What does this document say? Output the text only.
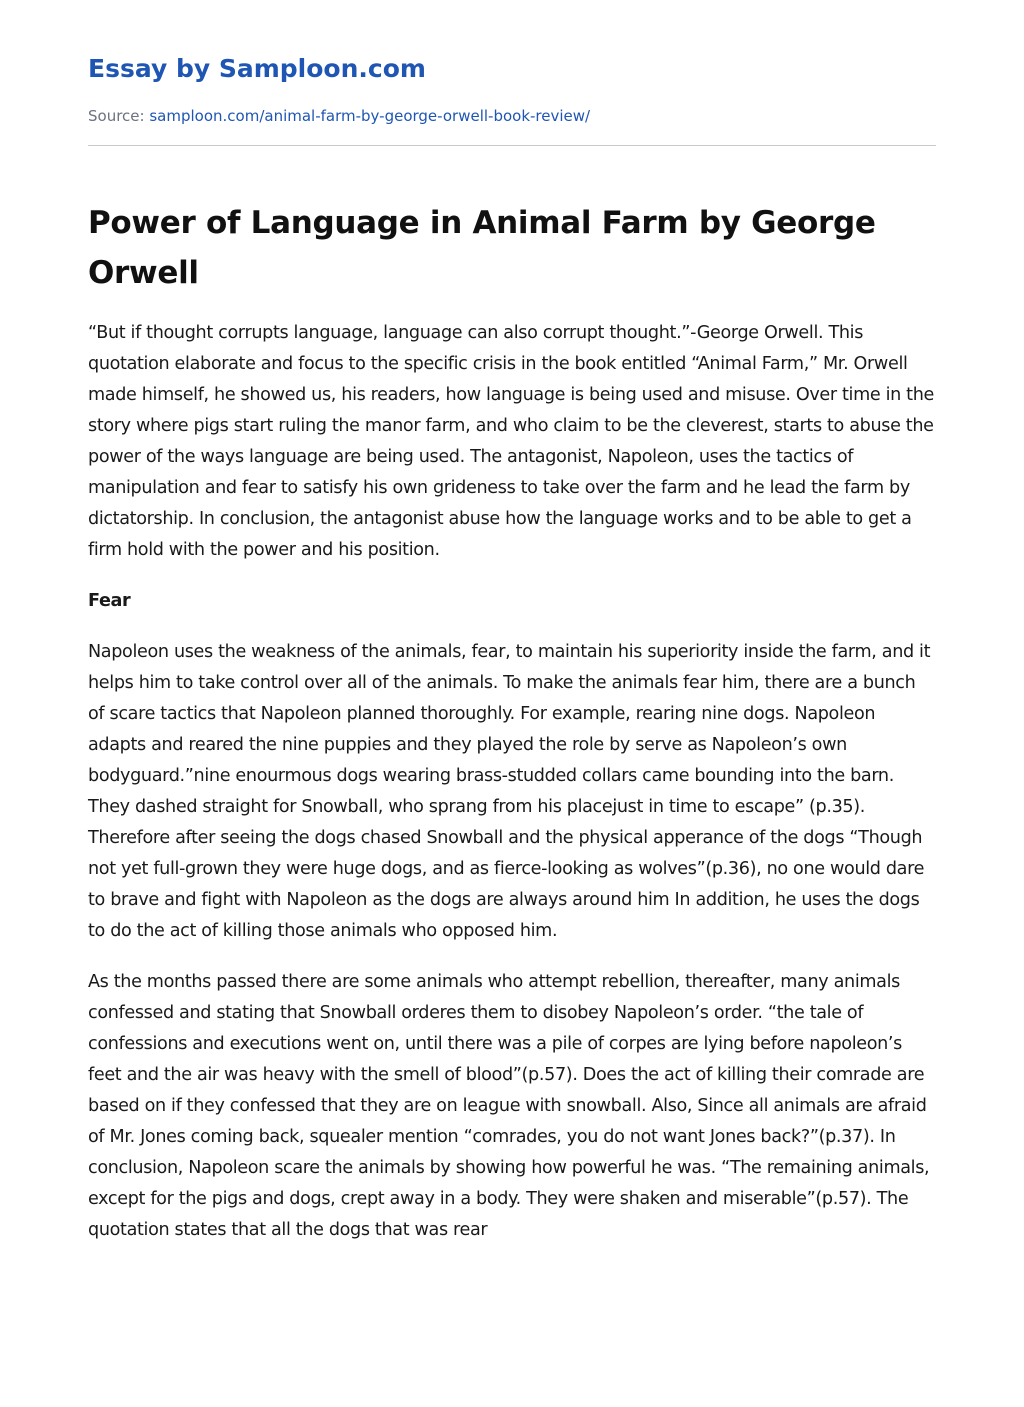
Essay by Samploon.com
Source: samploon.com/animal-farm-by-george-orwell-book-review/
Power of Language in Animal Farm by George Orwell

“But if thought corrupts language, language can also corrupt thought.”-George Orwell. This quotation elaborate and focus to the specific crisis in the book entitled “Animal Farm,” Mr. Orwell made himself, he showed us, his readers, how language is being used and misuse. Over time in the story where pigs start ruling the manor farm, and who claim to be the cleverest, starts to abuse the power of the ways language are being used. The antagonist, Napoleon, uses the tactics of manipulation and fear to satisfy his own grideness to take over the farm and he lead the farm by dictatorship. In conclusion, the antagonist abuse how the language works and to be able to get a firm hold with the power and his position.

Fear

Napoleon uses the weakness of the animals, fear, to maintain his superiority inside the farm, and it helps him to take control over all of the animals. To make the animals fear him, there are a bunch of scare tactics that Napoleon planned thoroughly. For example, rearing nine dogs. Napoleon adapts and reared the nine puppies and they played the role by serve as Napoleon’s own bodyguard.”nine enourmous dogs wearing brass-studded collars came bounding into the barn. They dashed straight for Snowball, who sprang from his placejust in time to escape” (p.35). Therefore after seeing the dogs chased Snowball and the physical apperance of the dogs “Though not yet full-grown they were huge dogs, and as fierce-looking as wolves”(p.36), no one would dare to brave and fight with Napoleon as the dogs are always around him In addition, he uses the dogs to do the act of killing those animals who opposed him.

As the months passed there are some animals who attempt rebellion, thereafter, many animals confessed and stating that Snowball orderes them to disobey Napoleon’s order. “the tale of confessions and executions went on, until there was a pile of corpes are lying before napoleon’s feet and the air was heavy with the smell of blood”(p.57). Does the act of killing their comrade are based on if they confessed that they are on league with snowball. Also, Since all animals are afraid of Mr. Jones coming back, squealer mention “comrades, you do not want Jones back?”(p.37). In conclusion, Napoleon scare the animals by showing how powerful he was. “The remaining animals, except for the pigs and dogs, crept away in a body. They were shaken and miserable”(p.57). The quotation states that all the dogs that was rear
